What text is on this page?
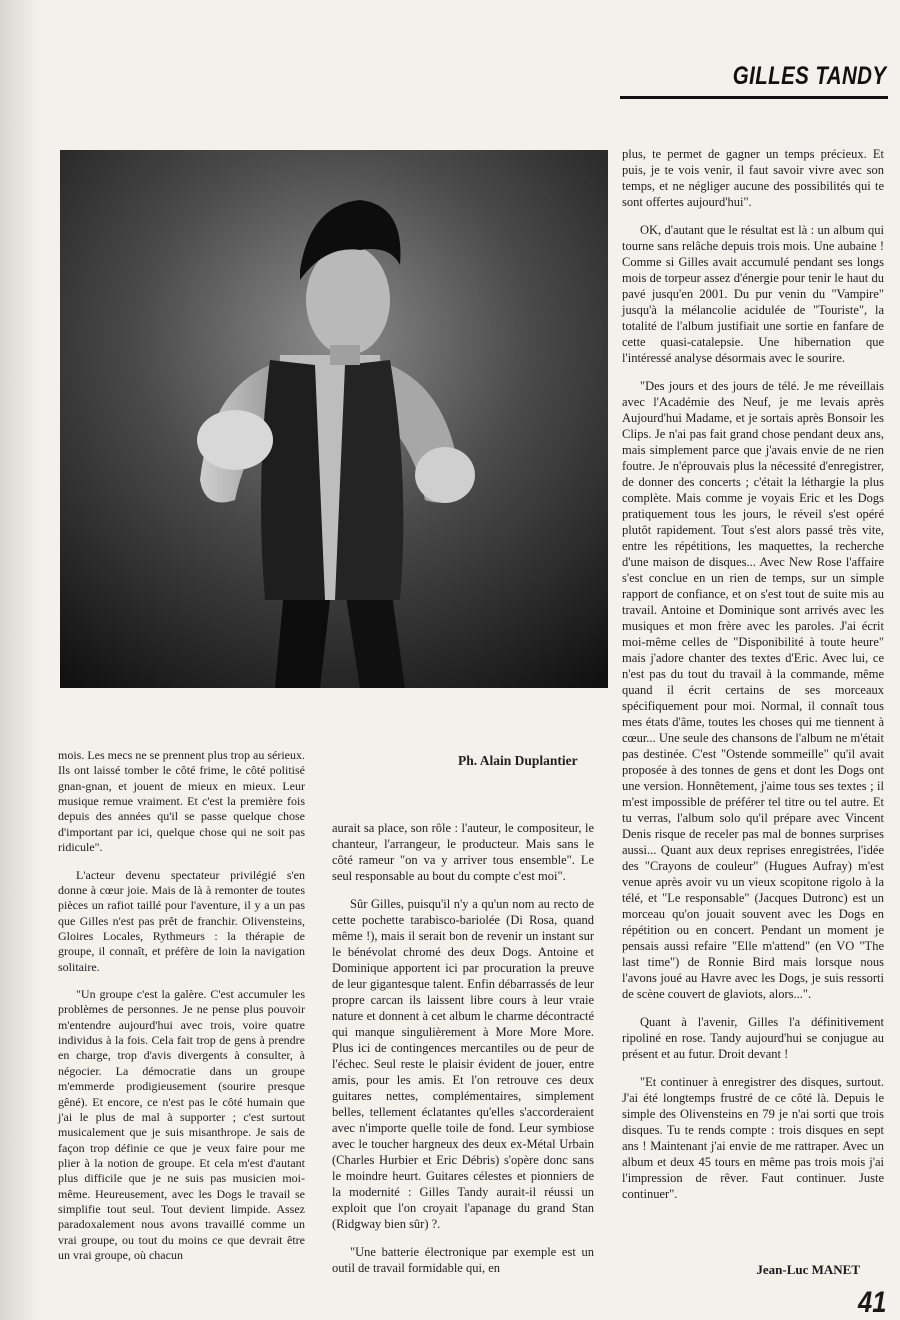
GILLES TANDY
Ph. Alain Duplantier

mois. Les mecs ne se prennent plus trop au sérieux. Ils ont laissé tomber le côté frime, le côté politisé gnan-gnan, et jouent de mieux en mieux. Leur musique remue vraiment. Et c'est la première fois depuis des années qu'il se passe quelque chose d'important par ici, quelque chose qui ne soit pas ridicule".

L'acteur devenu spectateur privilégié s'en donne à cœur joie. Mais de là à remonter de toutes pièces un rafiot taillé pour l'aventure, il y a un pas que Gilles n'est pas prêt de franchir. Olivensteins, Gloires Locales, Rythmeurs : la thérapie de groupe, il connaît, et préfère de loin la navigation solitaire.

"Un groupe c'est la galère. C'est accumuler les problèmes de personnes. Je ne pense plus pouvoir m'entendre aujourd'hui avec trois, voire quatre individus à la fois. Cela fait trop de gens à prendre en charge, trop d'avis divergents à consulter, à négocier. La démocratie dans un groupe m'emmerde prodigieusement (sourire presque gêné). Et encore, ce n'est pas le côté humain que j'ai le plus de mal à supporter ; c'est surtout musicalement que je suis misanthrope. Je sais de façon trop définie ce que je veux faire pour me plier à la notion de groupe. Et cela m'est d'autant plus difficile que je ne suis pas musicien moi-même. Heureusement, avec les Dogs le travail se simplifie tout seul. Tout devient limpide. Assez paradoxalement nous avons travaillé comme un vrai groupe, ou tout du moins ce que devrait être un vrai groupe, où chacun

aurait sa place, son rôle : l'auteur, le compositeur, le chanteur, l'arrangeur, le producteur. Mais sans le côté rameur "on va y arriver tous ensemble". Le seul responsable au bout du compte c'est moi".

Sûr Gilles, puisqu'il n'y a qu'un nom au recto de cette pochette tarabisco-bariolée (Di Rosa, quand même !), mais il serait bon de revenir un instant sur le bénévolat chromé des deux Dogs. Antoine et Dominique apportent ici par procuration la preuve de leur gigantesque talent. Enfin débarrassés de leur propre carcan ils laissent libre cours à leur vraie nature et donnent à cet album le charme décontracté qui manque singulièrement à More More More. Plus ici de contingences mercantiles ou de peur de l'échec. Seul reste le plaisir évident de jouer, entre amis, pour les amis. Et l'on retrouve ces deux guitares nettes, complémentaires, simplement belles, tellement éclatantes qu'elles s'accorderaient avec n'importe quelle toile de fond. Leur symbiose avec le toucher hargneux des deux ex-Métal Urbain (Charles Hurbier et Eric Débris) s'opère donc sans le moindre heurt. Guitares célestes et pionniers de la modernité : Gilles Tandy aurait-il réussi un exploit que l'on croyait l'apanage du grand Stan (Ridgway bien sûr) ?.

"Une batterie électronique par exemple est un outil de travail formidable qui, en

plus, te permet de gagner un temps précieux. Et puis, je te vois venir, il faut savoir vivre avec son temps, et ne négliger aucune des possibilités qui te sont offertes aujourd'hui".

OK, d'autant que le résultat est là : un album qui tourne sans relâche depuis trois mois. Une aubaine ! Comme si Gilles avait accumulé pendant ses longs mois de torpeur assez d'énergie pour tenir le haut du pavé jusqu'en 2001. Du pur venin du "Vampire" jusqu'à la mélancolie acidulée de "Touriste", la totalité de l'album justifiait une sortie en fanfare de cette quasi-catalepsie. Une hibernation que l'intéressé analyse désormais avec le sourire.

"Des jours et des jours de télé. Je me réveillais avec l'Académie des Neuf, je me levais après Aujourd'hui Madame, et je sortais après Bonsoir les Clips. Je n'ai pas fait grand chose pendant deux ans, mais simplement parce que j'avais envie de ne rien foutre. Je n'éprouvais plus la nécessité d'enregistrer, de donner des concerts ; c'était la léthargie la plus complète. Mais comme je voyais Eric et les Dogs pratiquement tous les jours, le réveil s'est opéré plutôt rapidement. Tout s'est alors passé très vite, entre les répétitions, les maquettes, la recherche d'une maison de disques... Avec New Rose l'affaire s'est conclue en un rien de temps, sur un simple rapport de confiance, et on s'est tout de suite mis au travail. Antoine et Dominique sont arrivés avec les musiques et mon frère avec les paroles. J'ai écrit moi-même celles de "Disponibilité à toute heure" mais j'adore chanter des textes d'Eric. Avec lui, ce n'est pas du tout du travail à la commande, même quand il écrit certains de ses morceaux spécifiquement pour moi. Normal, il connaît tous mes états d'âme, toutes les choses qui me tiennent à cœur... Une seule des chansons de l'album ne m'était pas destinée. C'est "Ostende sommeille" qu'il avait proposée à des tonnes de gens et dont les Dogs ont une version. Honnêtement, j'aime tous ses textes ; il m'est impossible de préférer tel titre ou tel autre. Et tu verras, l'album solo qu'il prépare avec Vincent Denis risque de receler pas mal de bonnes surprises aussi... Quant aux deux reprises enregistrées, l'idée des "Crayons de couleur" (Hugues Aufray) m'est venue après avoir vu un vieux scopitone rigolo à la télé, et "Le responsable" (Jacques Dutronc) est un morceau qu'on jouait souvent avec les Dogs en répétition ou en concert. Pendant un moment je pensais aussi refaire "Elle m'attend" (en VO "The last time") de Ronnie Bird mais lorsque nous l'avons joué au Havre avec les Dogs, je suis ressorti de scène couvert de glaviots, alors...".

Quant à l'avenir, Gilles l'a définitivement ripoliné en rose. Tandy aujourd'hui se conjugue au présent et au futur. Droit devant !

"Et continuer à enregistrer des disques, surtout. J'ai été longtemps frustré de ce côté là. Depuis le simple des Olivensteins en 79 je n'ai sorti que trois disques. Tu te rends compte : trois disques en sept ans ! Maintenant j'ai envie de me rattraper. Avec un album et deux 45 tours en même pas trois mois j'ai l'impression de rêver. Faut continuer. Juste continuer".

Jean-Luc MANET
41
